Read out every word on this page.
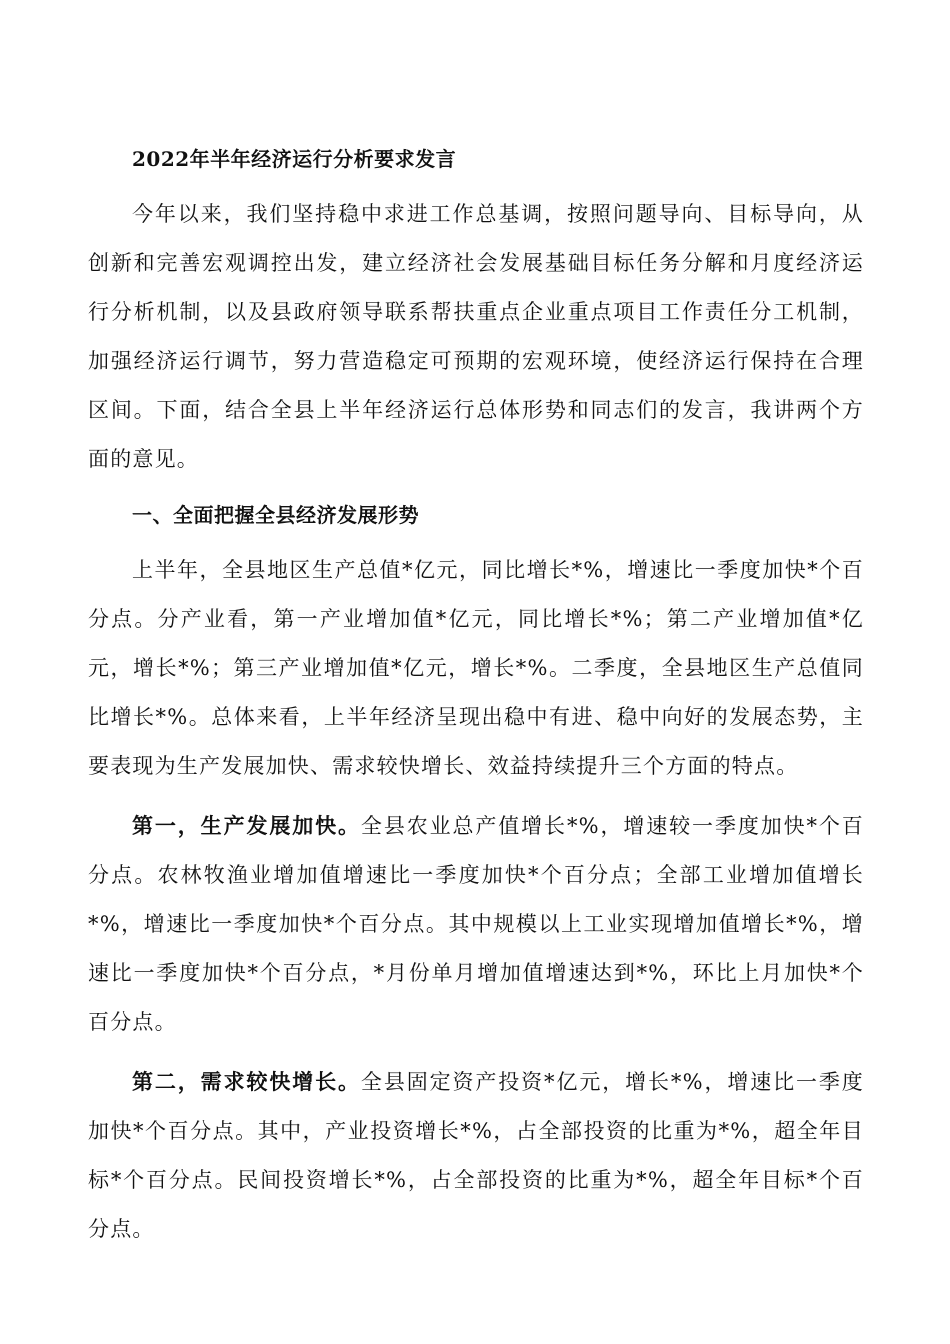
2022年半年经济运行分析要求发言

今年以来，我们坚持稳中求进工作总基调，按照问题导向、目标导向，从创新和完善宏观调控出发，建立经济社会发展基础目标任务分解和月度经济运行分析机制，以及县政府领导联系帮扶重点企业重点项目工作责任分工机制，加强经济运行调节，努力营造稳定可预期的宏观环境，使经济运行保持在合理区间。下面，结合全县上半年经济运行总体形势和同志们的发言，我讲两个方面的意见。

一、全面把握全县经济发展形势

上半年，全县地区生产总值*亿元，同比增长*%，增速比一季度加快*个百分点。分产业看，第一产业增加值*亿元，同比增长*%；第二产业增加值*亿元，增长*%；第三产业增加值*亿元，增长*%。二季度，全县地区生产总值同比增长*%。总体来看，上半年经济呈现出稳中有进、稳中向好的发展态势，主要表现为生产发展加快、需求较快增长、效益持续提升三个方面的特点。

第一，生产发展加快。全县农业总产值增长*%，增速较一季度加快*个百分点。农林牧渔业增加值增速比一季度加快*个百分点；全部工业增加值增长*%，增速比一季度加快*个百分点。其中规模以上工业实现增加值增长*%，增速比一季度加快*个百分点，*月份单月增加值增速达到*%，环比上月加快*个百分点。

第二，需求较快增长。全县固定资产投资*亿元，增长*%，增速比一季度加快*个百分点。其中，产业投资增长*%，占全部投资的比重为*%，超全年目标*个百分点。民间投资增长*%，占全部投资的比重为*%，超全年目标*个百分点。
